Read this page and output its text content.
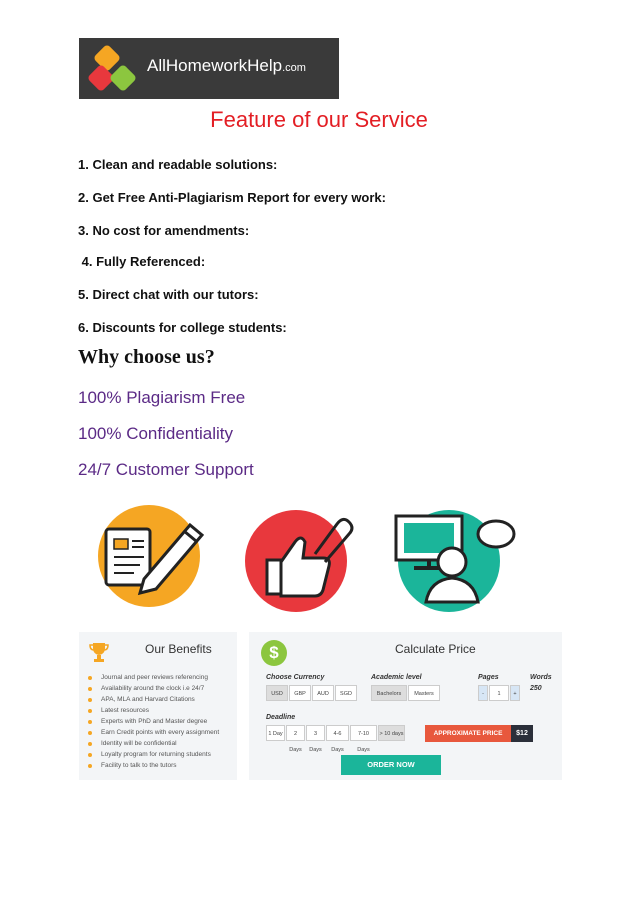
AllHomeworkHelp.com
Feature of our Service
1. Clean and readable solutions:
2. Get Free Anti-Plagiarism Report for every work:
3. No cost for amendments:
4. Fully Referenced:
5. Direct chat with our tutors:
6. Discounts for college students:
Why choose us?
100% Plagiarism Free
100% Confidentiality
24/7 Customer Support
Our Benefits
Journal and peer reviews referencing
Availability around the clock i.e 24/7
APA, MLA and Harvard Citations
Latest resources
Experts with PhD and Master degree
Earn Credit points with every assignment
Identity will be confidential
Loyalty program for returning students
Facility to talk to the tutors
$	Calculate Price
Choose Currency
USD	GBP	AUD	SGD
Academic level
Bachelors	Masters
Pages
-	1	+
Words
250
Deadline
1 Day	2 Days
3 Days
4-6 Days
7-10 Days
> 10 days	APPROXIMATE PRICE	$12
ORDER NOW
